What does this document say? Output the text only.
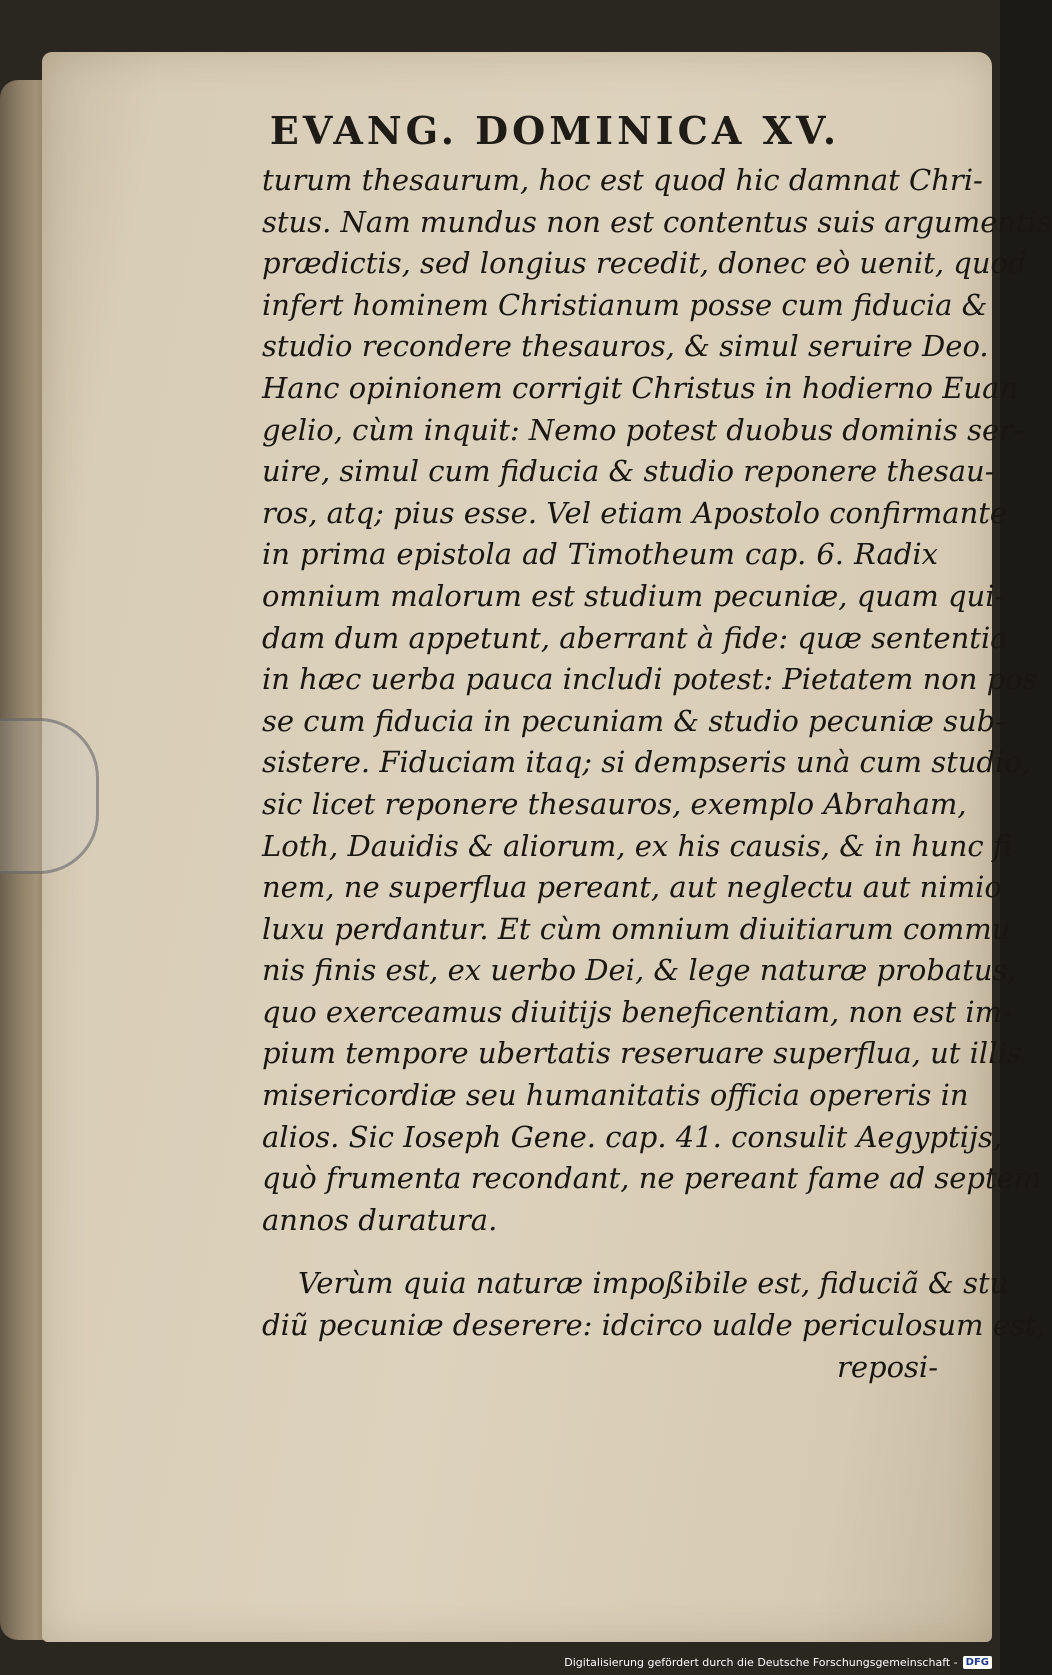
EVANG. DOMINICA XV.
turum thesaurum, hoc est quod hic damnat Chri-
stus. Nam mundus non est contentus suis argumentis
prædictis, sed longius recedit, donec eò uenit, quod
infert hominem Christianum posse cum fiducia &
studio recondere thesauros, & simul seruire Deo.
Hanc opinionem corrigit Christus in hodierno Euan
gelio, cùm inquit: Nemo potest duobus dominis ser-
uire, simul cum fiducia & studio reponere thesau-
ros, atq; pius esse. Vel etiam Apostolo confirmante
in prima epistola ad Timotheum cap. 6. Radix
omnium malorum est studium pecuniæ, quam qui-
dam dum appetunt, aberrant à fide: quæ sententia
in hæc uerba pauca includi potest: Pietatem non pos
se cum fiducia in pecuniam & studio pecuniæ sub-
sistere. Fiduciam itaq; si dempseris unà cum studio,
sic licet reponere thesauros, exemplo Abraham,
Loth, Dauidis & aliorum, ex his causis, & in hunc fi
nem, ne superflua pereant, aut neglectu aut nimio
luxu perdantur. Et cùm omnium diuitiarum commu
nis finis est, ex uerbo Dei, & lege naturæ probatus,
quo exerceamus diuitijs beneficentiam, non est im-
pium tempore ubertatis reseruare superflua, ut illis
misericordiæ seu humanitatis officia opereris in
alios. Sic Ioseph Gene. cap. 41. consulit Aegyptijs,
quò frumenta recondant, ne pereant fame ad septem
annos duratura.
Verùm quia naturæ impoßibile est, fiduciã & stu
diũ pecuniæ deserere: idcirco ualde periculosum est,
reposi-
Digitalisierung gefördert durch die Deutsche Forschungsgemeinschaft - DFG
